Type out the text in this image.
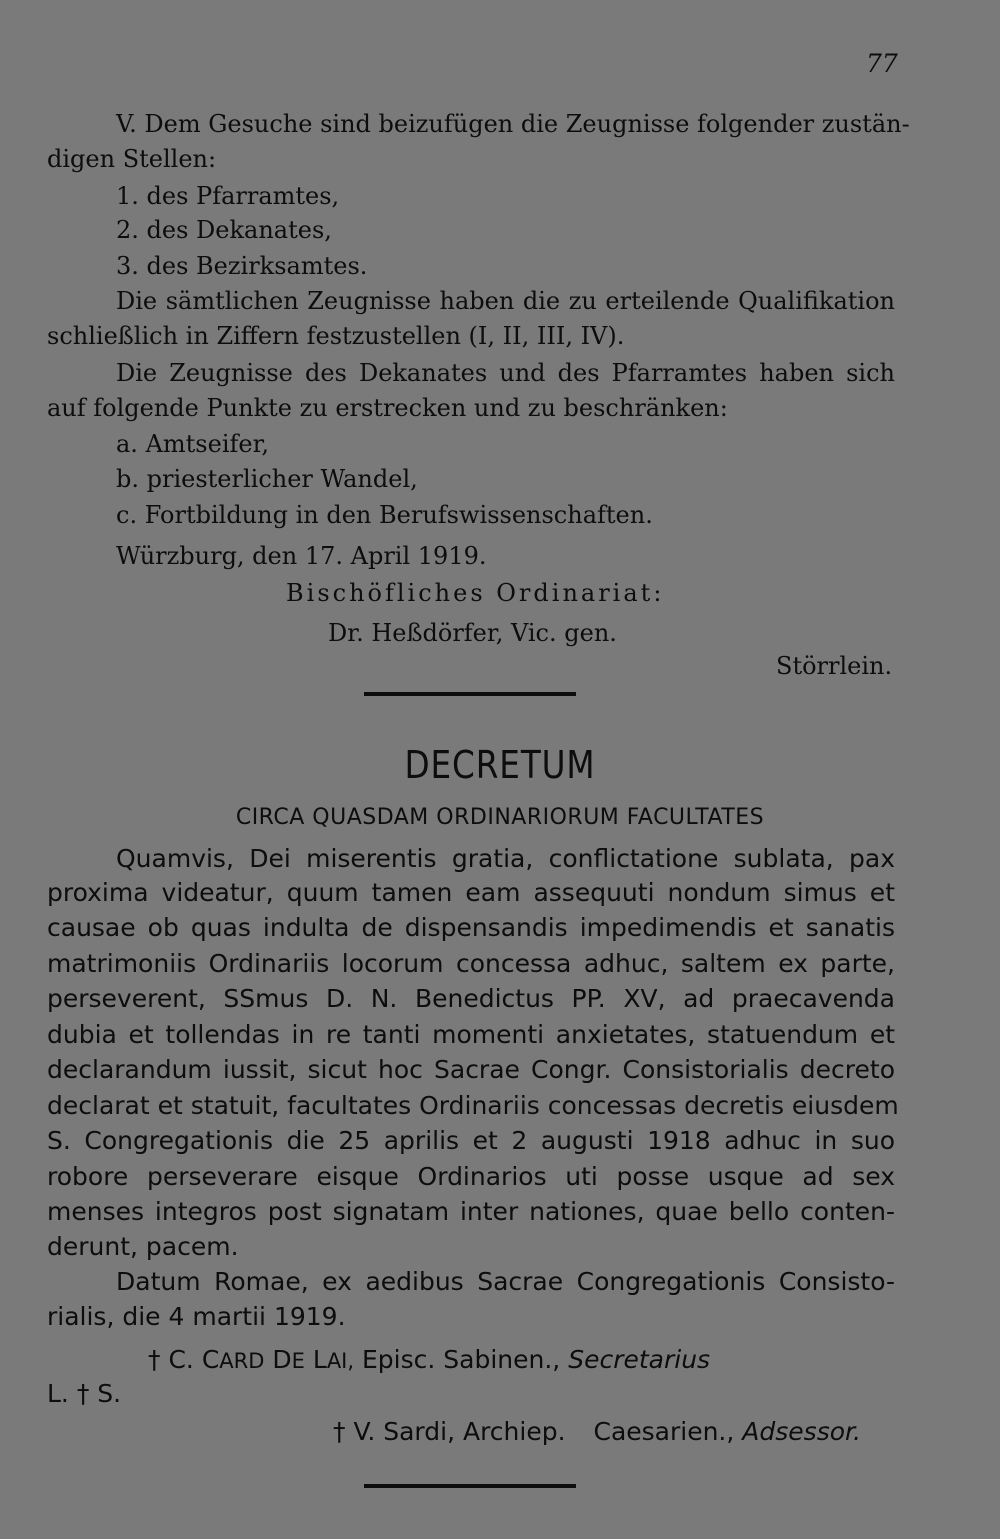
77
V. Dem Gesuche sind beizufügen die Zeugnisse folgender zustän-
digen Stellen:
1. des Pfarramtes,
2. des Dekanates,
3. des Bezirksamtes.
Die sämtlichen Zeugnisse haben die zu erteilende Qualifikation
schließlich in Ziffern festzustellen (I, II, III, IV).
Die Zeugnisse des Dekanates und des Pfarramtes haben sich
auf folgende Punkte zu erstrecken und zu beschränken:
a. Amtseifer,
b. priesterlicher Wandel,
c. Fortbildung in den Berufswissenschaften.
Würzburg, den 17. April 1919.
Bischöfliches Ordinariat:
Dr. Heßdörfer, Vic. gen.
Störrlein.
DECRETUM
CIRCA QUASDAM ORDINARIORUM FACULTATES
Quamvis, Dei miserentis gratia, conflictatione sublata, pax
proxima videatur, quum tamen eam assequuti nondum simus et
causae ob quas indulta de dispensandis impedimendis et sanatis
matrimoniis Ordinariis locorum concessa adhuc, saltem ex parte,
perseverent, SSmus D. N. Benedictus PP. XV, ad praecavenda
dubia et tollendas in re tanti momenti anxietates, statuendum et
declarandum iussit, sicut hoc Sacrae Congr. Consistorialis decreto
declarat et statuit, facultates Ordinariis concessas decretis eiusdem
S. Congregationis die 25 aprilis et 2 augusti 1918 adhuc in suo
robore perseverare eisque Ordinarios uti posse usque ad sex
menses integros post signatam inter nationes, quae bello conten-
derunt, pacem.
Datum Romae, ex aedibus Sacrae Congregationis Consisto-
rialis, die 4 martii 1919.
† C. CARD DE LAI, Episc. Sabinen., Secretarius
L. † S.
† V. Sardi, Archiep. Caesarien., Adsessor.
